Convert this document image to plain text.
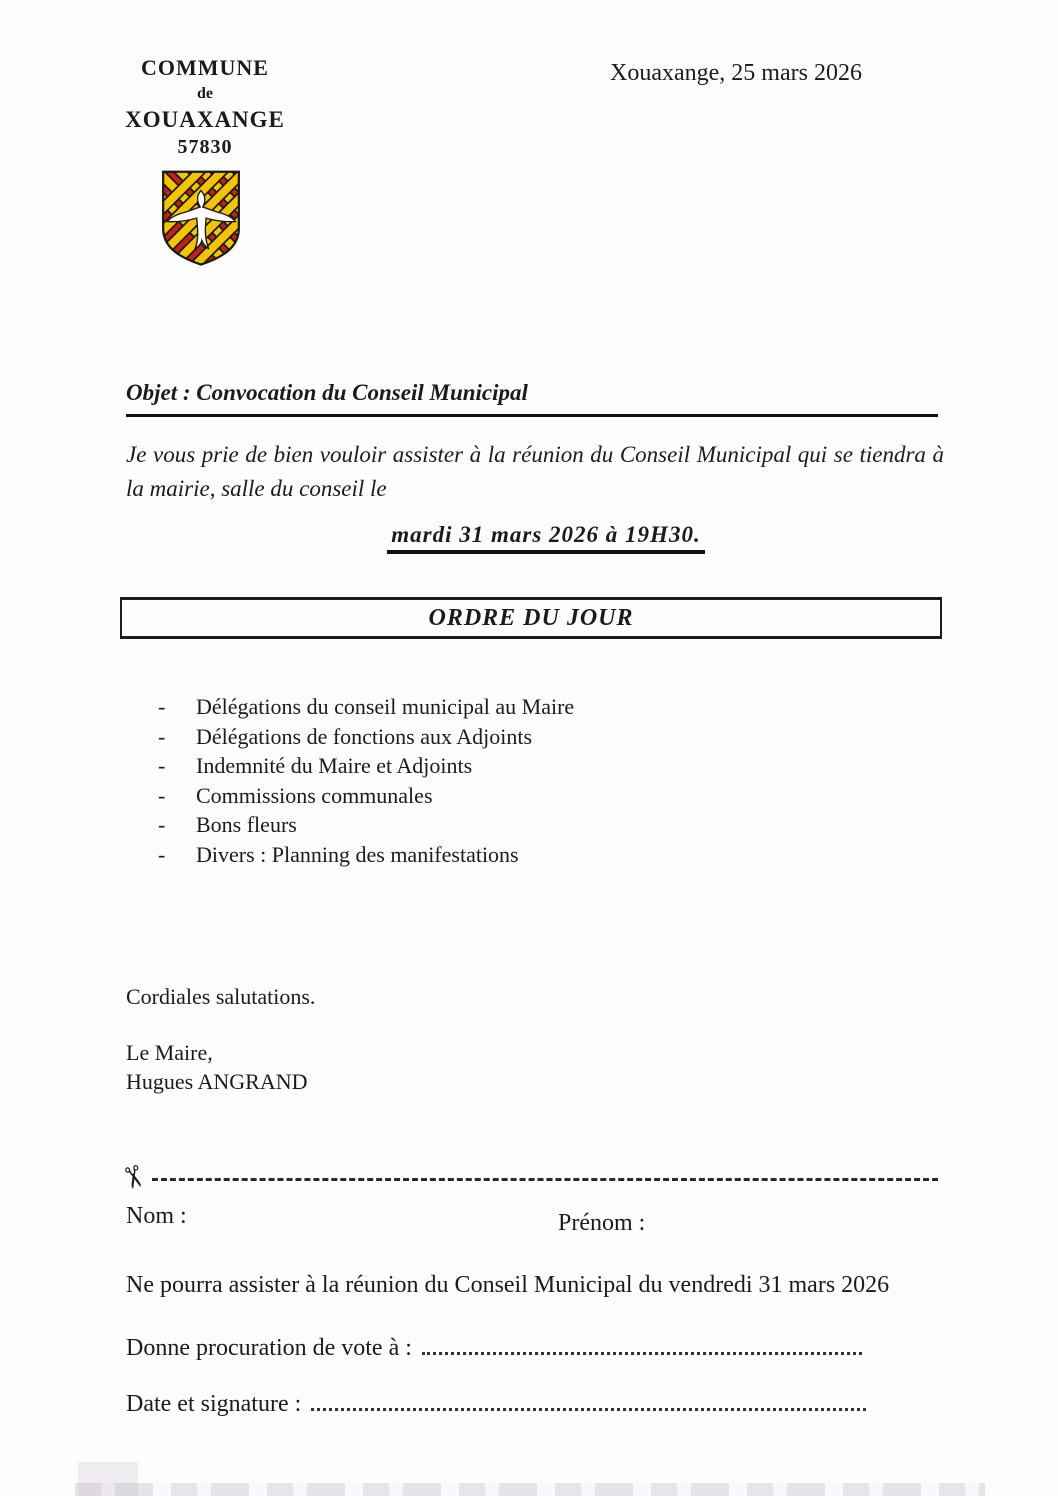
COMMUNE
de
XOUAXANGE
57830
Xouaxange, 25 mars 2026
Objet : Convocation du Conseil Municipal
Je vous prie de bien vouloir assister à la réunion du Conseil Municipal qui se tiendra à la mairie, salle du conseil le
mardi 31 mars 2026 à 19H30.
ORDRE DU JOUR
-	Délégations du conseil municipal au Maire
-	Délégations de fonctions aux Adjoints
-	Indemnité du Maire et Adjoints
-	Commissions communales
-	Bons fleurs
-	Divers : Planning des manifestations
Cordiales salutations.
Le Maire,
Hugues ANGRAND
✂
Nom :	Prénom :
Ne pourra assister à la réunion du Conseil Municipal du vendredi 31 mars 2026
Donne procuration de vote à :
Date et signature :
